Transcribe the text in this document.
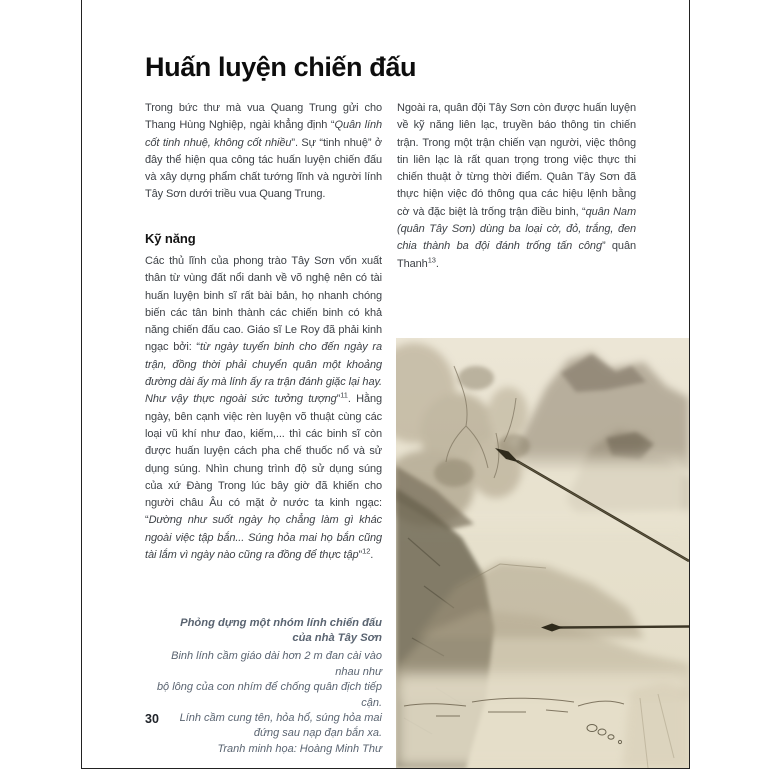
Huấn luyện chiến đấu

Trong bức thư mà vua Quang Trung gửi cho Thang Hùng Nghiệp, ngài khẳng định “Quân lính cốt tinh nhuệ, không cốt nhiều”. Sự “tinh nhuệ” ở đây thể hiện qua công tác huấn luyện chiến đấu và xây dựng phẩm chất tướng lĩnh và người lính Tây Sơn dưới triều vua Quang Trung.

Kỹ năng

Các thủ lĩnh của phong trào Tây Sơn vốn xuất thân từ vùng đất nổi danh về võ nghệ nên có tài huấn luyện binh sĩ rất bài bản, họ nhanh chóng biến các tân binh thành các chiến binh có khả năng chiến đấu cao. Giáo sĩ Le Roy đã phải kinh ngạc bởi: “từ ngày tuyển binh cho đến ngày ra trận, đồng thời phải chuyển quân một khoảng đường dài ấy mà lính ấy ra trận đánh giặc lại hay. Như vậy thực ngoài sức tưởng tượng”$^{11}$. Hằng ngày, bên cạnh việc rèn luyện võ thuật cùng các loại vũ khí như đao, kiếm,... thì các binh sĩ còn được huấn luyện cách pha chế thuốc nổ và sử dụng súng. Nhìn chung trình độ sử dụng súng của xứ Đàng Trong lúc bây giờ đã khiến cho người châu Âu có mặt ở nước ta kinh ngạc: “Dường như suốt ngày họ chẳng làm gì khác ngoài việc tập bắn... Súng hỏa mai họ bắn cũng tài lắm vì ngày nào cũng ra đồng để thực tập”$^{12}$.

Ngoài ra, quân đội Tây Sơn còn được huấn luyện về kỹ năng liên lạc, truyền báo thông tin chiến trận. Trong một trận chiến vạn người, việc thông tin liên lạc là rất quan trọng trong việc thực thi chiến thuật ở từng thời điểm. Quân Tây Sơn đã thực hiện việc đó thông qua các hiệu lệnh bằng cờ và đặc biệt là trống trận điều binh, “quân Nam (quân Tây Sơn) dùng ba loại cờ, đỏ, trắng, đen chia thành ba đội đánh trống tấn công” quân Thanh$^{13}$.

Phỏng dựng một nhóm lính chiến đấu
của nhà Tây Sơn
Binh lính cầm giáo dài hơn 2 m đan cài vào nhau như
bộ lông của con nhím để chống quân địch tiếp cận.
Lính cầm cung tên, hỏa hổ, súng hỏa mai
đứng sau nạp đạn bắn xa.
Tranh minh họa: Hoàng Minh Thư
30
